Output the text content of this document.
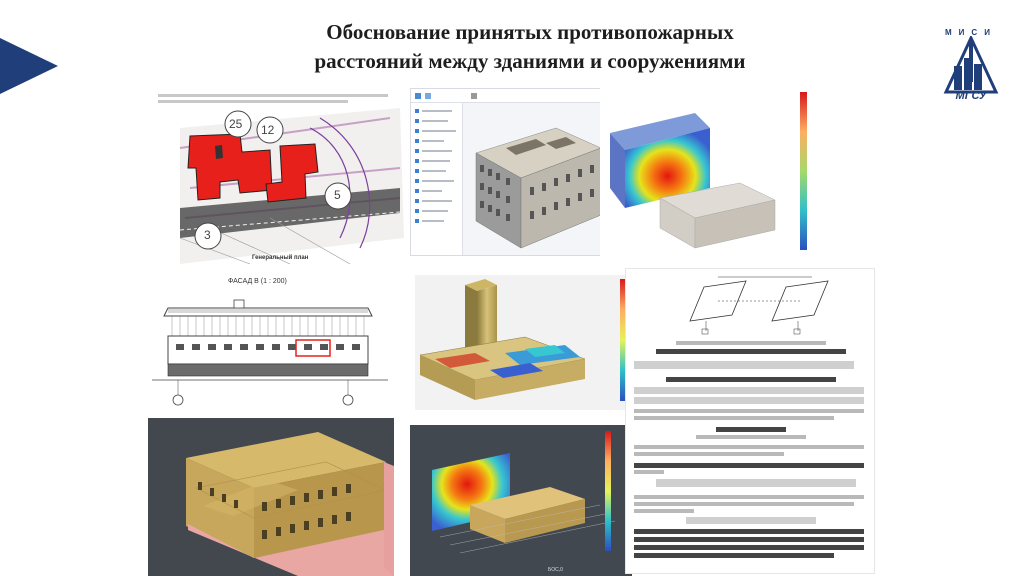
Обоснование принятых противопожарных
расстояний между зданиями и сооружениями
МИСИ
МГСУ
25 12
5
3
Генеральный план
ФАСАД В (1 : 200)
БОС,0
